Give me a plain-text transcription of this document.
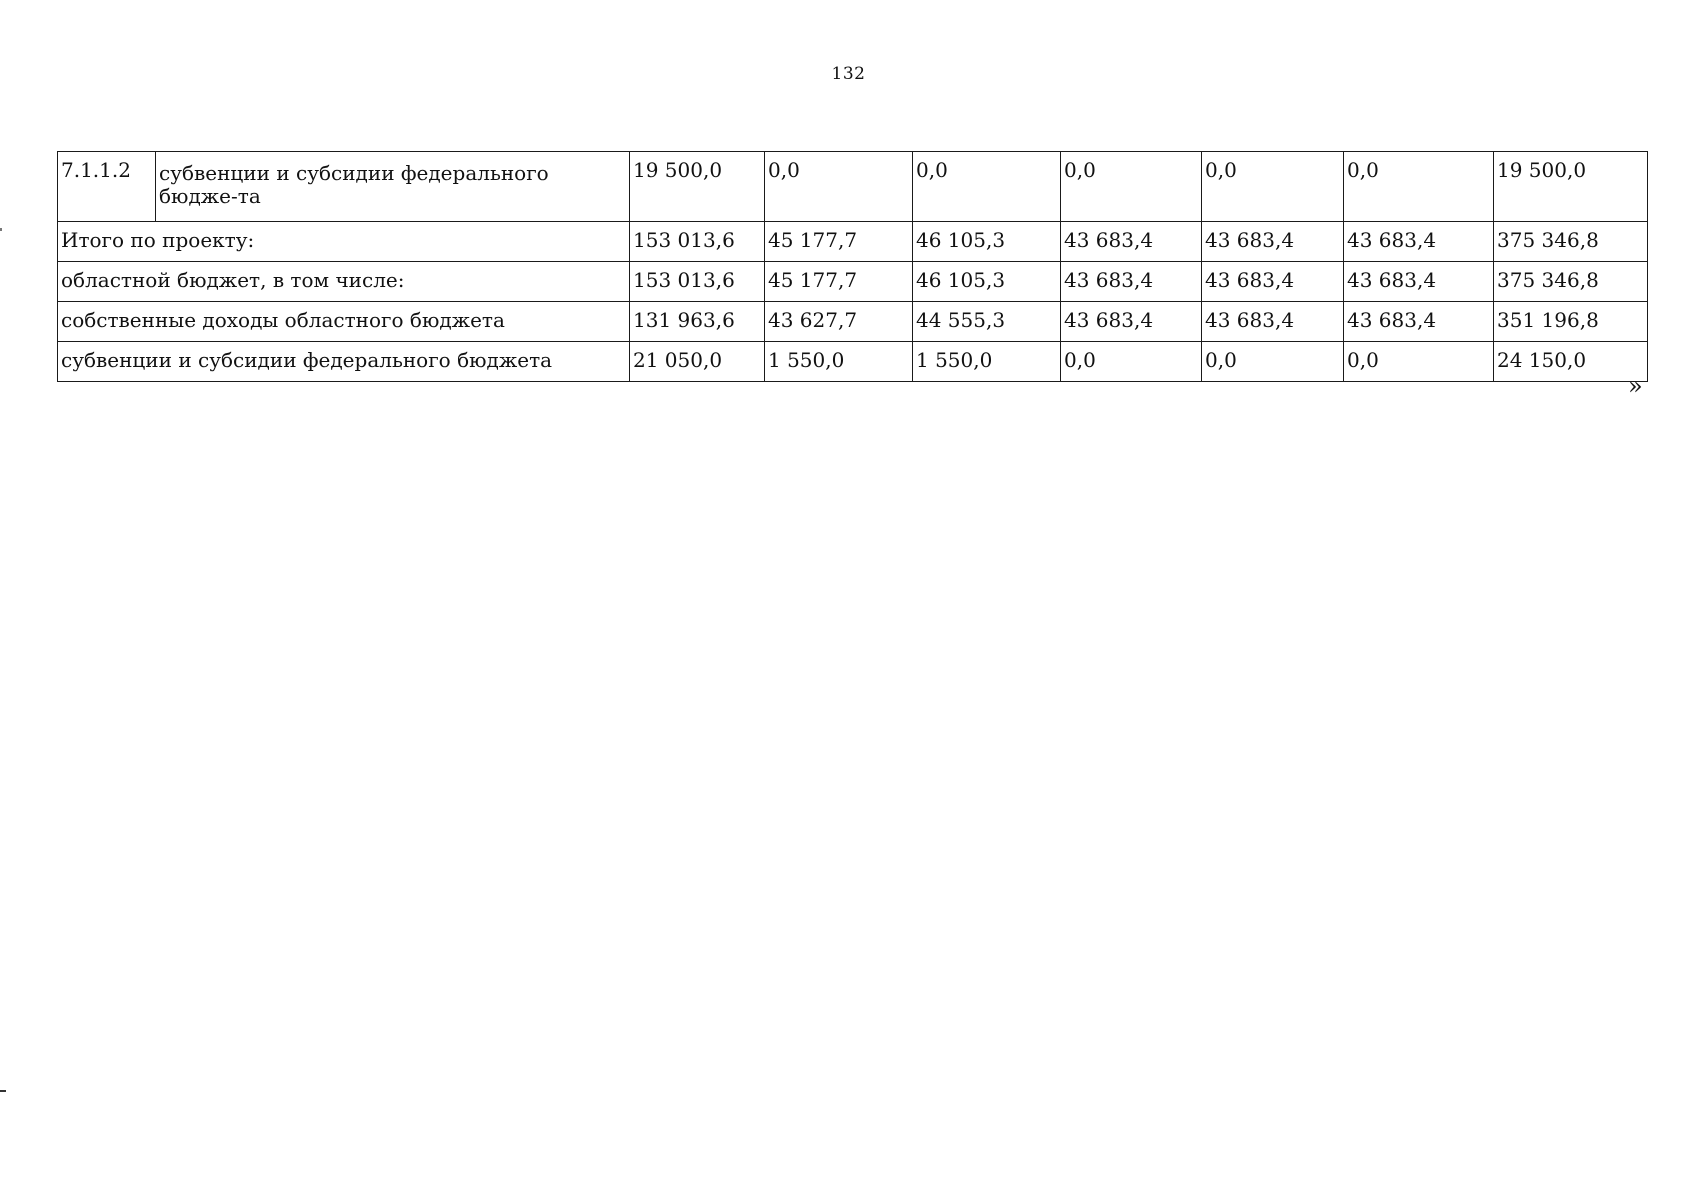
132
7.1.1.2	субвенции и субсидии федерального бюдже-та	19 500,0	0,0	0,0	0,0	0,0	0,0	19 500,0
Итого по проекту:		153 013,6	45 177,7	46 105,3	43 683,4	43 683,4	43 683,4	375 346,8
областной бюджет, в том числе:		153 013,6	45 177,7	46 105,3	43 683,4	43 683,4	43 683,4	375 346,8
собственные доходы областного бюджета		131 963,6	43 627,7	44 555,3	43 683,4	43 683,4	43 683,4	351 196,8
субвенции и субсидии федерального бюджета		21 050,0	1 550,0	1 550,0	0,0	0,0	0,0	24 150,0
»
